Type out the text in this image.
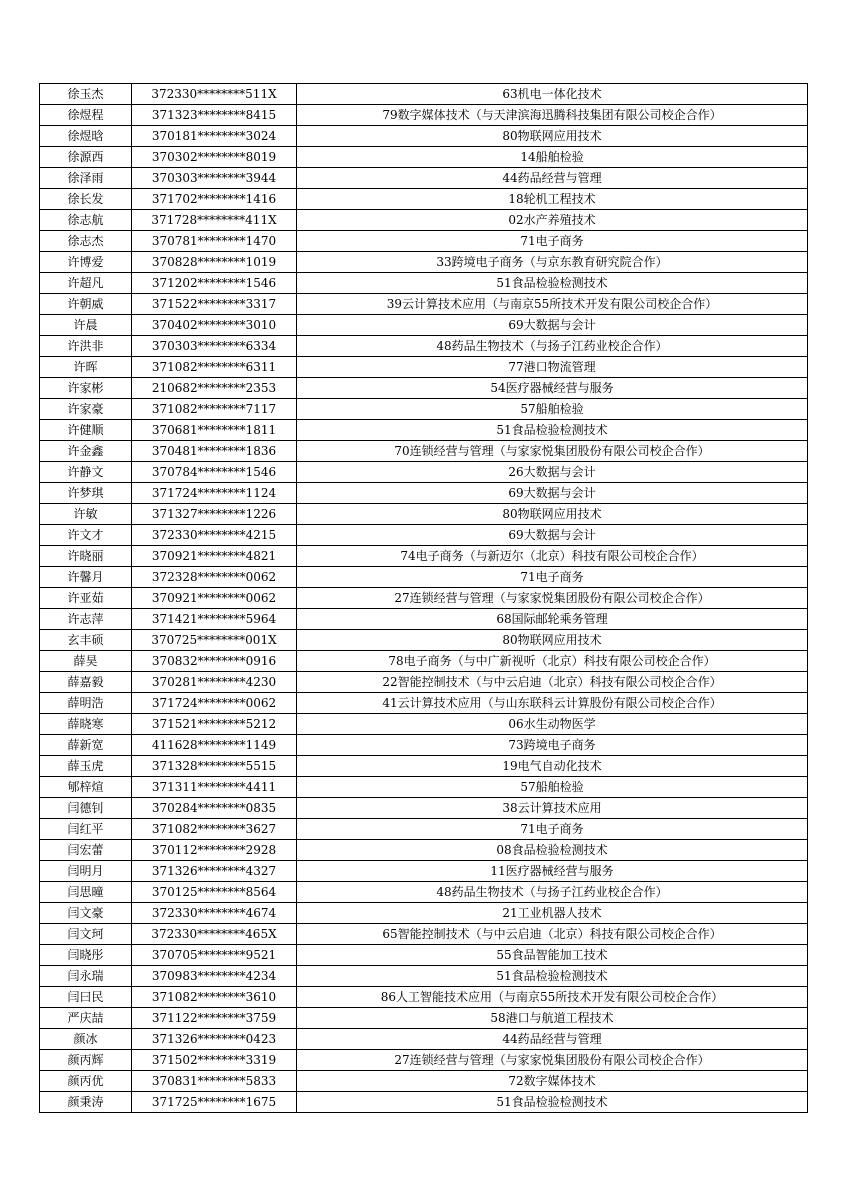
徐玉杰	372330********511X	63机电一体化技术
徐煜程	371323********8415	79数字媒体技术（与天津滨海迅腾科技集团有限公司校企合作）
徐煜晗	370181********3024	80物联网应用技术
徐源西	370302********8019	14船舶检验
徐泽雨	370303********3944	44药品经营与管理
徐长发	371702********1416	18轮机工程技术
徐志航	371728********411X	02水产养殖技术
徐志杰	370781********1470	71电子商务
许博爱	370828********1019	33跨境电子商务（与京东教育研究院合作）
许超凡	371202********1546	51食品检验检测技术
许朝威	371522********3317	39云计算技术应用（与南京55所技术开发有限公司校企合作）
许晨	370402********3010	69大数据与会计
许洪非	370303********6334	48药品生物技术（与扬子江药业校企合作）
许晖	371082********6311	77港口物流管理
许家彬	210682********2353	54医疗器械经营与服务
许家豪	371082********7117	57船舶检验
许健顺	370681********1811	51食品检验检测技术
许金鑫	370481********1836	70连锁经营与管理（与家家悦集团股份有限公司校企合作）
许静文	370784********1546	26大数据与会计
许梦琪	371724********1124	69大数据与会计
许敏	371327********1226	80物联网应用技术
许文才	372330********4215	69大数据与会计
许晓丽	370921********4821	74电子商务（与新迈尔（北京）科技有限公司校企合作）
许馨月	372328********0062	71电子商务
许亚茹	370921********0062	27连锁经营与管理（与家家悦集团股份有限公司校企合作）
许志萍	371421********5964	68国际邮轮乘务管理
玄丰硕	370725********001X	80物联网应用技术
薛昊	370832********0916	78电子商务（与中广新视听（北京）科技有限公司校企合作）
薛嘉毅	370281********4230	22智能控制技术（与中云启迪（北京）科技有限公司校企合作）
薛明浩	371724********0062	41云计算技术应用（与山东联科云计算股份有限公司校企合作）
薛晓寒	371521********5212	06水生动物医学
薛新宽	411628********1149	73跨境电子商务
薛玉虎	371328********5515	19电气自动化技术
郇梓煊	371311********4411	57船舶检验
闫德钊	370284********0835	38云计算技术应用
闫红平	371082********3627	71电子商务
闫宏蕾	370112********2928	08食品检验检测技术
闫明月	371326********4327	11医疗器械经营与服务
闫思曈	370125********8564	48药品生物技术（与扬子江药业校企合作）
闫文豪	372330********4674	21工业机器人技术
闫文珂	372330********465X	65智能控制技术（与中云启迪（北京）科技有限公司校企合作）
闫晓彤	370705********9521	55食品智能加工技术
闫永瑞	370983********4234	51食品检验检测技术
闫曰民	371082********3610	86人工智能技术应用（与南京55所技术开发有限公司校企合作）
严庆喆	371122********3759	58港口与航道工程技术
颜冰	371326********0423	44药品经营与管理
颜丙辉	371502********3319	27连锁经营与管理（与家家悦集团股份有限公司校企合作）
颜丙优	370831********5833	72数字媒体技术
颜秉涛	371725********1675	51食品检验检测技术
